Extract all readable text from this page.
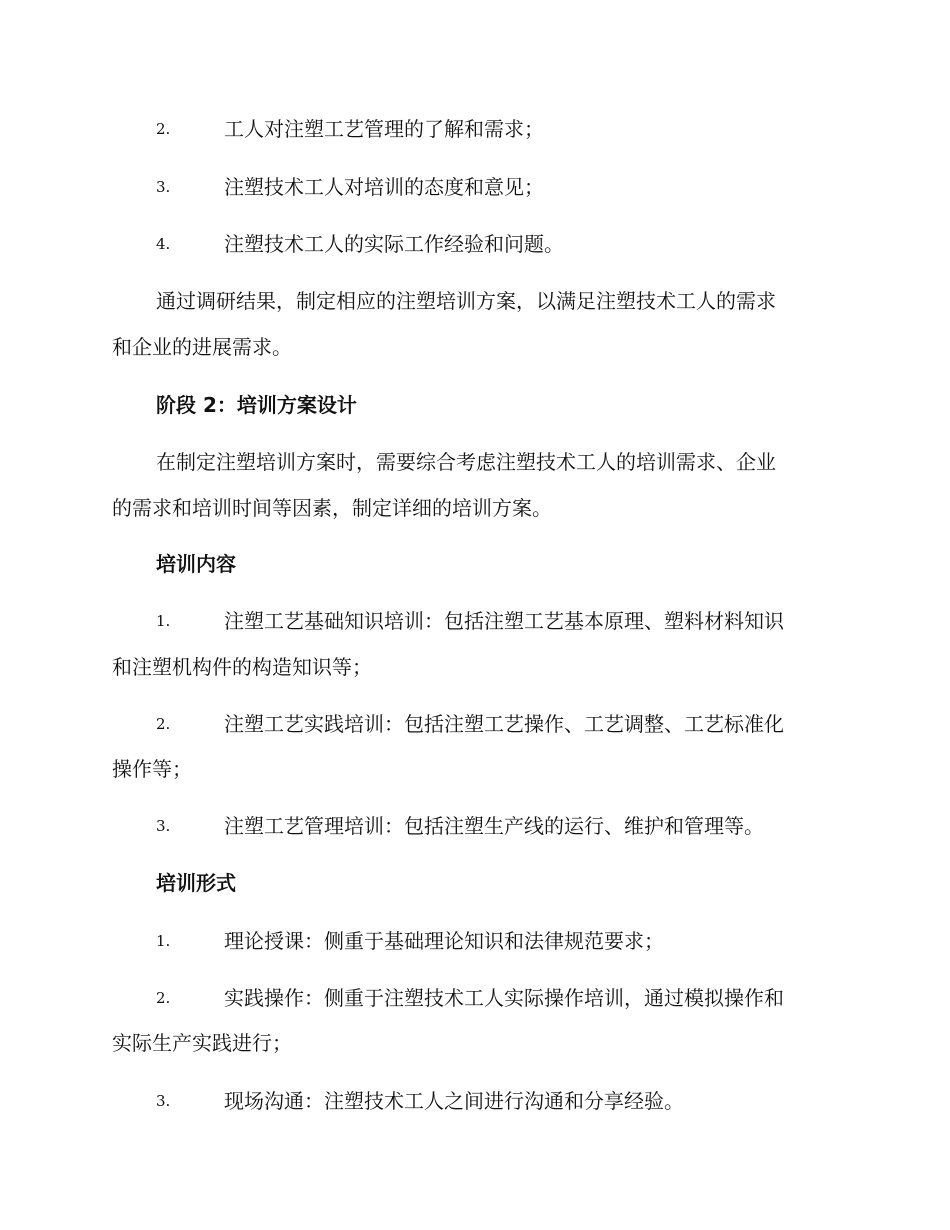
2.	工人对注塑工艺管理的了解和需求；
3.	注塑技术工人对培训的态度和意见；
4.	注塑技术工人的实际工作经验和问题。
通过调研结果，制定相应的注塑培训方案，以满足注塑技术工人的需求
和企业的进展需求。
阶段 2：培训方案设计
在制定注塑培训方案时，需要综合考虑注塑技术工人的培训需求、企业
的需求和培训时间等因素，制定详细的培训方案。
培训内容
1.	注塑工艺基础知识培训：包括注塑工艺基本原理、塑料材料知识
和注塑机构件的构造知识等；
2.	注塑工艺实践培训：包括注塑工艺操作、工艺调整、工艺标准化
操作等；
3.	注塑工艺管理培训：包括注塑生产线的运行、维护和管理等。
培训形式
1.	理论授课：侧重于基础理论知识和法律规范要求；
2.	实践操作：侧重于注塑技术工人实际操作培训，通过模拟操作和
实际生产实践进行；
3.	现场沟通：注塑技术工人之间进行沟通和分享经验。
